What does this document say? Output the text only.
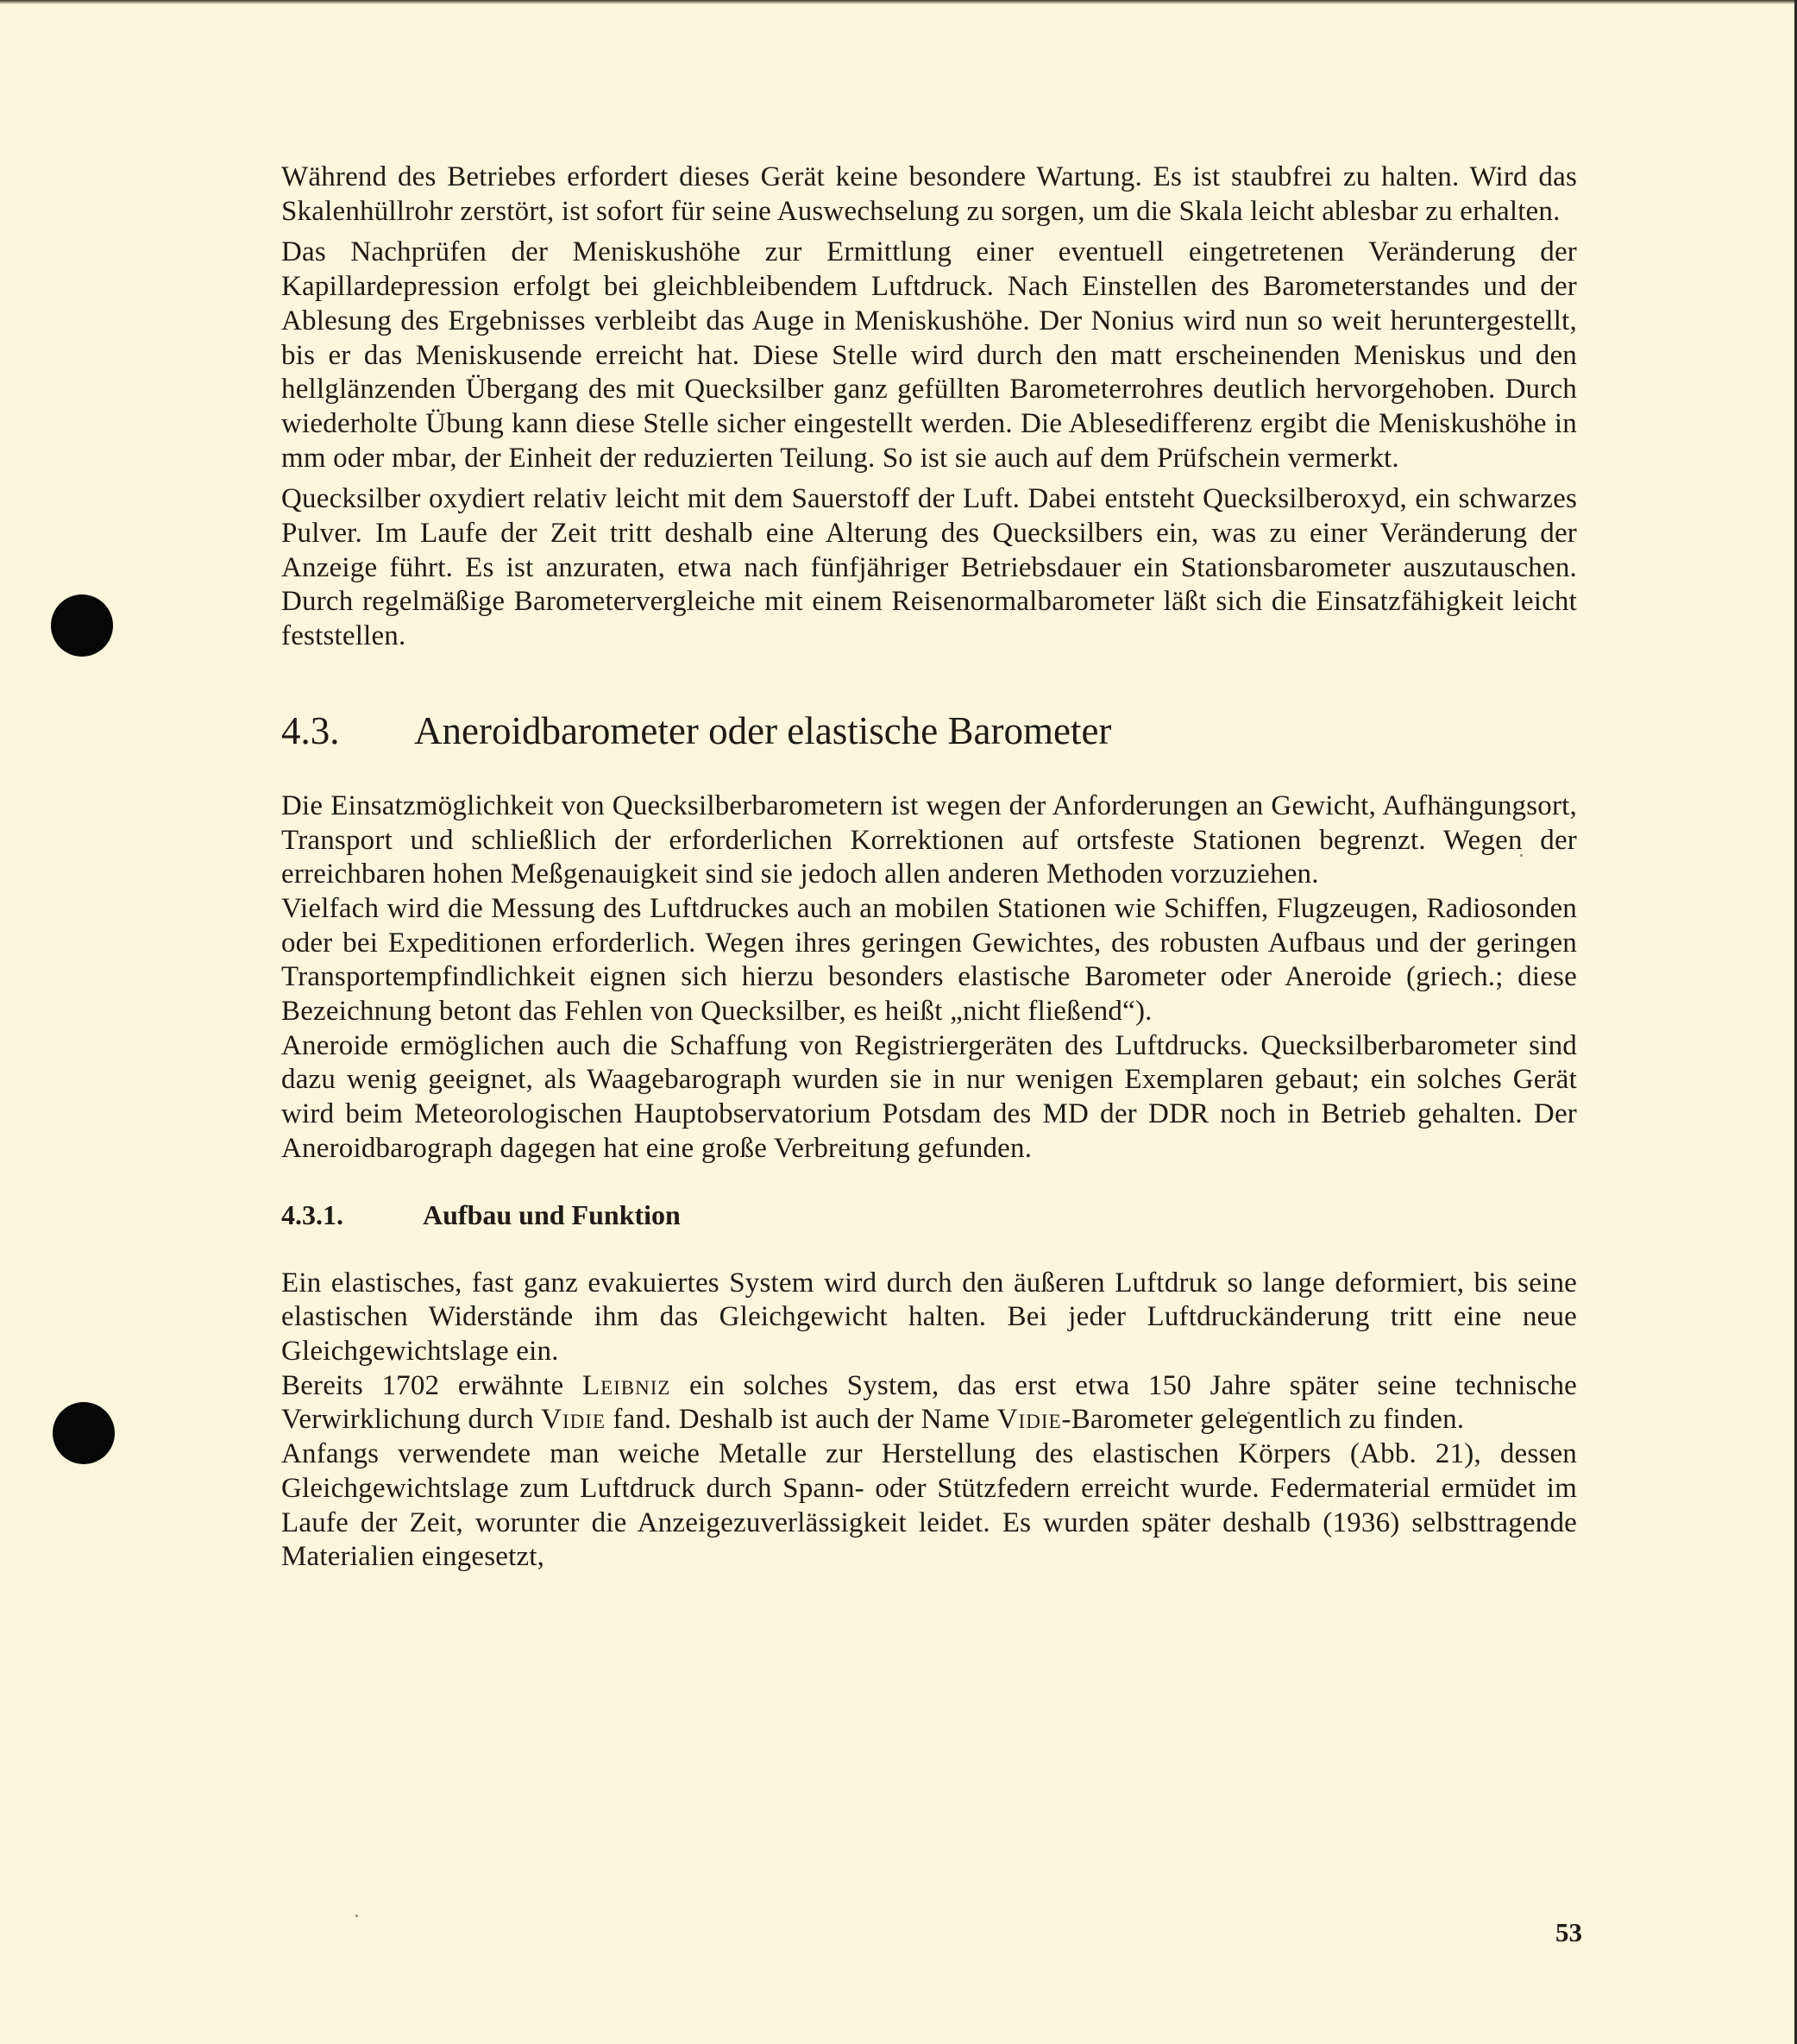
Während des Betriebes erfordert dieses Gerät keine besondere Wartung. Es ist staubfrei zu halten. Wird das Skalenhüllrohr zerstört, ist sofort für seine Auswechselung zu sorgen, um die Skala leicht ablesbar zu erhalten.

Das Nachprüfen der Meniskushöhe zur Ermittlung einer eventuell eingetretenen Veränderung der Kapillardepression erfolgt bei gleichbleibendem Luftdruck. Nach Einstellen des Barometerstandes und der Ablesung des Ergebnisses verbleibt das Auge in Meniskushöhe. Der Nonius wird nun so weit heruntergestellt, bis er das Meniskusende erreicht hat. Diese Stelle wird durch den matt erscheinenden Meniskus und den hellglänzenden Übergang des mit Quecksilber ganz gefüllten Barometerrohres deutlich hervorgehoben. Durch wiederholte Übung kann diese Stelle sicher eingestellt werden. Die Ablesedifferenz ergibt die Meniskushöhe in mm oder mbar, der Einheit der reduzierten Teilung. So ist sie auch auf dem Prüfschein vermerkt.

Quecksilber oxydiert relativ leicht mit dem Sauerstoff der Luft. Dabei entsteht Quecksilberoxyd, ein schwarzes Pulver. Im Laufe der Zeit tritt deshalb eine Alterung des Quecksilbers ein, was zu einer Veränderung der Anzeige führt. Es ist anzuraten, etwa nach fünfjähriger Betriebsdauer ein Stationsbarometer auszutauschen. Durch regelmäßige Barometervergleiche mit einem Reisenormalbarometer läßt sich die Einsatzfähigkeit leicht feststellen.

4.3.	Aneroidbarometer oder elastische Barometer

Die Einsatzmöglichkeit von Quecksilberbarometern ist wegen der Anforderungen an Gewicht, Aufhängungsort, Transport und schließlich der erforderlichen Korrektionen auf ortsfeste Stationen begrenzt. Wegen der erreichbaren hohen Meßgenauigkeit sind sie jedoch allen anderen Methoden vorzuziehen.

Vielfach wird die Messung des Luftdruckes auch an mobilen Stationen wie Schiffen, Flugzeugen, Radiosonden oder bei Expeditionen erforderlich. Wegen ihres geringen Gewichtes, des robusten Aufbaus und der geringen Transportempfindlichkeit eignen sich hierzu besonders elastische Barometer oder Aneroide (griech.; diese Bezeichnung betont das Fehlen von Quecksilber, es heißt „nicht fließend“).

Aneroide ermöglichen auch die Schaffung von Registriergeräten des Luftdrucks. Quecksilberbarometer sind dazu wenig geeignet, als Waagebarograph wurden sie in nur wenigen Exemplaren gebaut; ein solches Gerät wird beim Meteorologischen Hauptobservatorium Potsdam des MD der DDR noch in Betrieb gehalten. Der Aneroidbarograph dagegen hat eine große Verbreitung gefunden.

4.3.1.	Aufbau und Funktion

Ein elastisches, fast ganz evakuiertes System wird durch den äußeren Luftdruk so lange deformiert, bis seine elastischen Widerstände ihm das Gleichgewicht halten. Bei jeder Luftdruckänderung tritt eine neue Gleichgewichtslage ein.

Bereits 1702 erwähnte Leibniz ein solches System, das erst etwa 150 Jahre später seine technische Verwirklichung durch Vidie fand. Deshalb ist auch der Name Vidie-Barometer gelegentlich zu finden.

Anfangs verwendete man weiche Metalle zur Herstellung des elastischen Körpers (Abb. 21), dessen Gleichgewichtslage zum Luftdruck durch Spann- oder Stützfedern erreicht wurde. Federmaterial ermüdet im Laufe der Zeit, worunter die Anzeigezuverlässigkeit leidet. Es wurden später deshalb (1936) selbsttragende Materialien eingesetzt,

53
